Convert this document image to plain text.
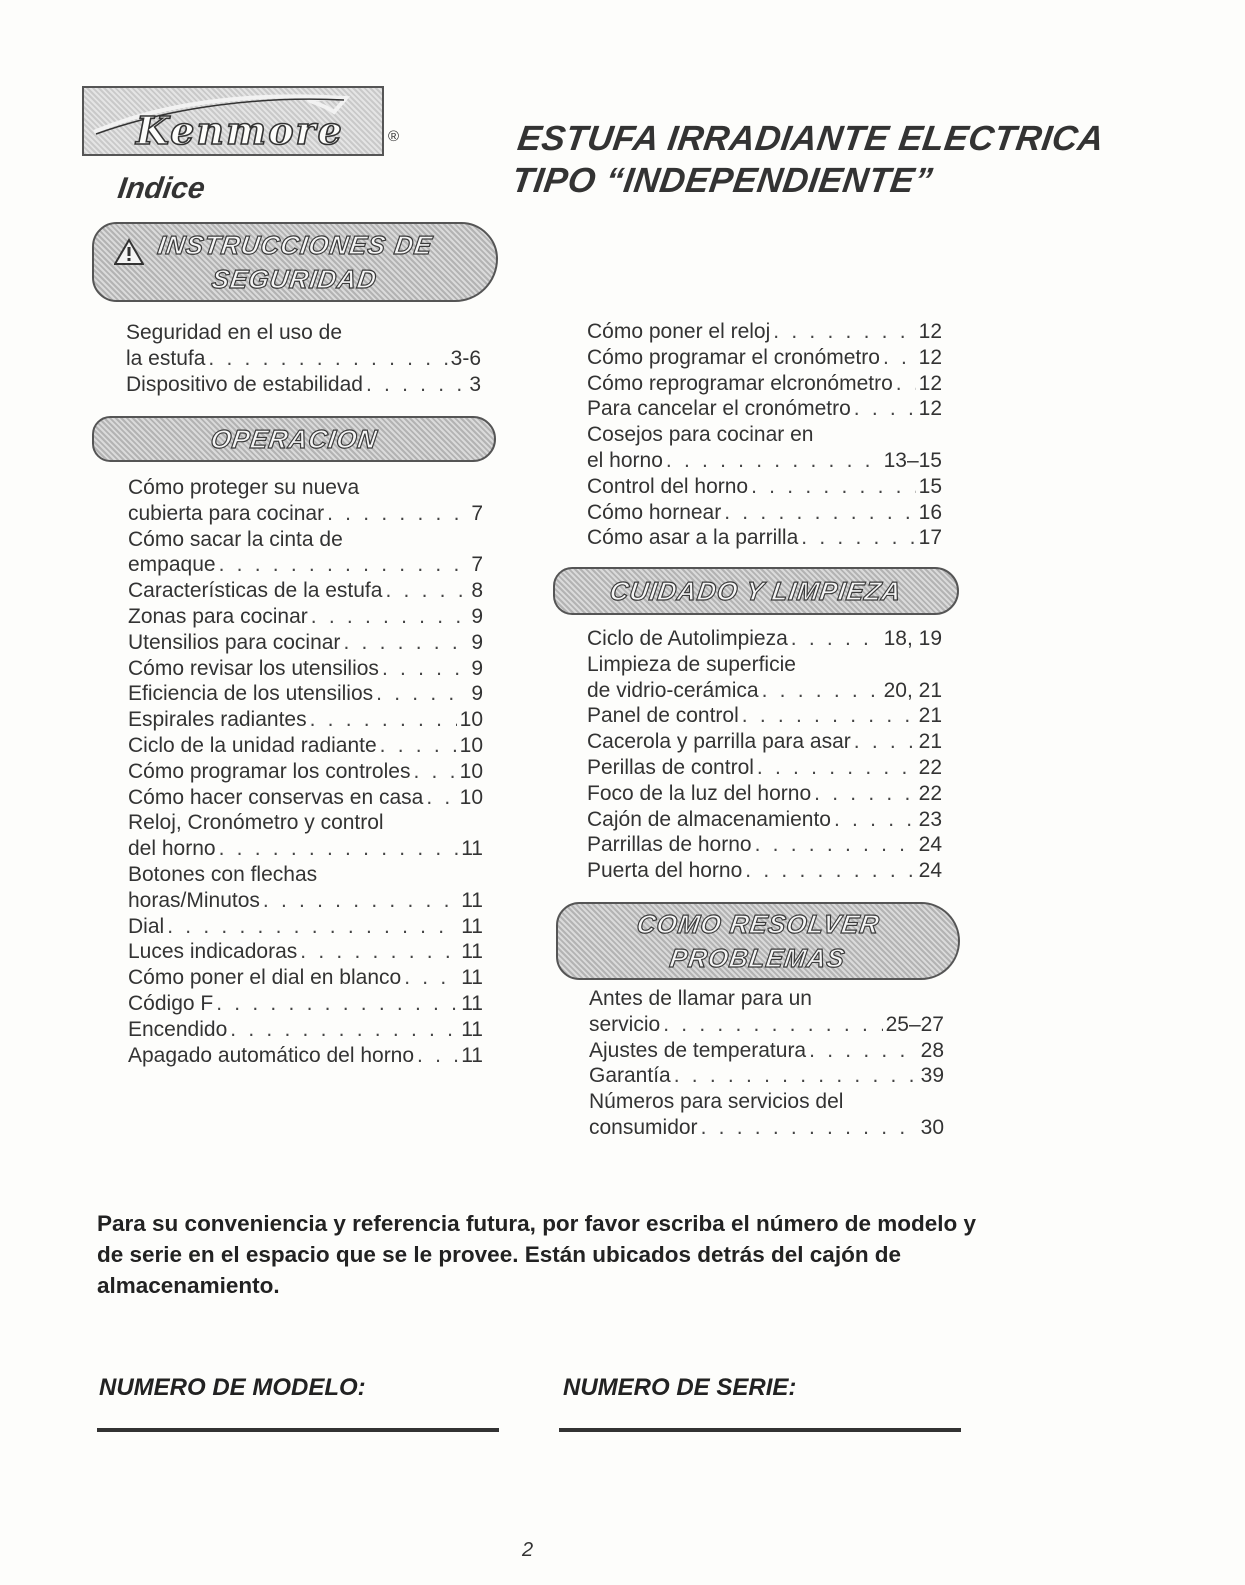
Kenmore	®
Indice
ESTUFA IRRADIANTE ELECTRICA
TIPO “INDEPENDIENTE”
INSTRUCCIONES DE
SEGURIDAD
Seguridad en el uso de
la estufa . . .	3-6
Dispositivo de estabilidad . . .	3
OPERACION
Cómo proteger su nueva
cubierta para cocinar . . .	7
Cómo sacar la cinta de
empaque . . .	7
Características de la estufa . . .	8
Zonas para cocinar . . .	9
Utensilios para cocinar . . .	9
Cómo revisar los utensilios . . .	9
Eficiencia de los utensilios . . .	9
Espirales radiantes . . .	10
Ciclo de la unidad radiante . . .	10
Cómo programar los controles . . . 10
Cómo hacer conservas en casa . . . 10
Reloj, Cronómetro y control
del horno . . .	11
Botones con flechas
horas/Minutos . . .	11
Dial . . .	11
Luces indicadoras . . .	11
Cómo poner el dial en blanco . . .	11
Código F . . .	11
Encendido . . .	11
Apagado automático del horno . . . 11
Cómo poner el reloj . . .	12
Cómo programar el cronómetro . . . 12
Cómo reprogramar elcronómetro . . . 12
Para cancelar el cronómetro . . .	12
Cosejos para cocinar en
el horno . . .	13–15
Control del horno . . .	15
Cómo hornear . . .	16
Cómo asar a la parrilla . . .	17
CUIDADO Y LIMPIEZA
Ciclo de Autolimpieza . . .	18, 19
Limpieza de superficie
de vidrio-cerámica . . .	20, 21
Panel de control . . .	21
Cacerola y parrilla para asar . . .	21
Perillas de control . . .	22
Foco de la luz del horno . . .	22
Cajón de almacenamiento . . .	23
Parrillas de horno . . .	24
Puerta del horno . . .	24
COMO RESOLVER
PROBLEMAS
Antes de llamar para un
servicio . . .	25–27
Ajustes de temperatura . . .	28
Garantía . . .	39
Números para servicios del
consumidor . . .	30
Para su conveniencia y referencia futura, por favor escriba el número de modelo y de serie en el espacio que se le provee. Están ubicados detrás del cajón de almacenamiento.
NUMERO DE MODELO:	NUMERO DE SERIE:
2
